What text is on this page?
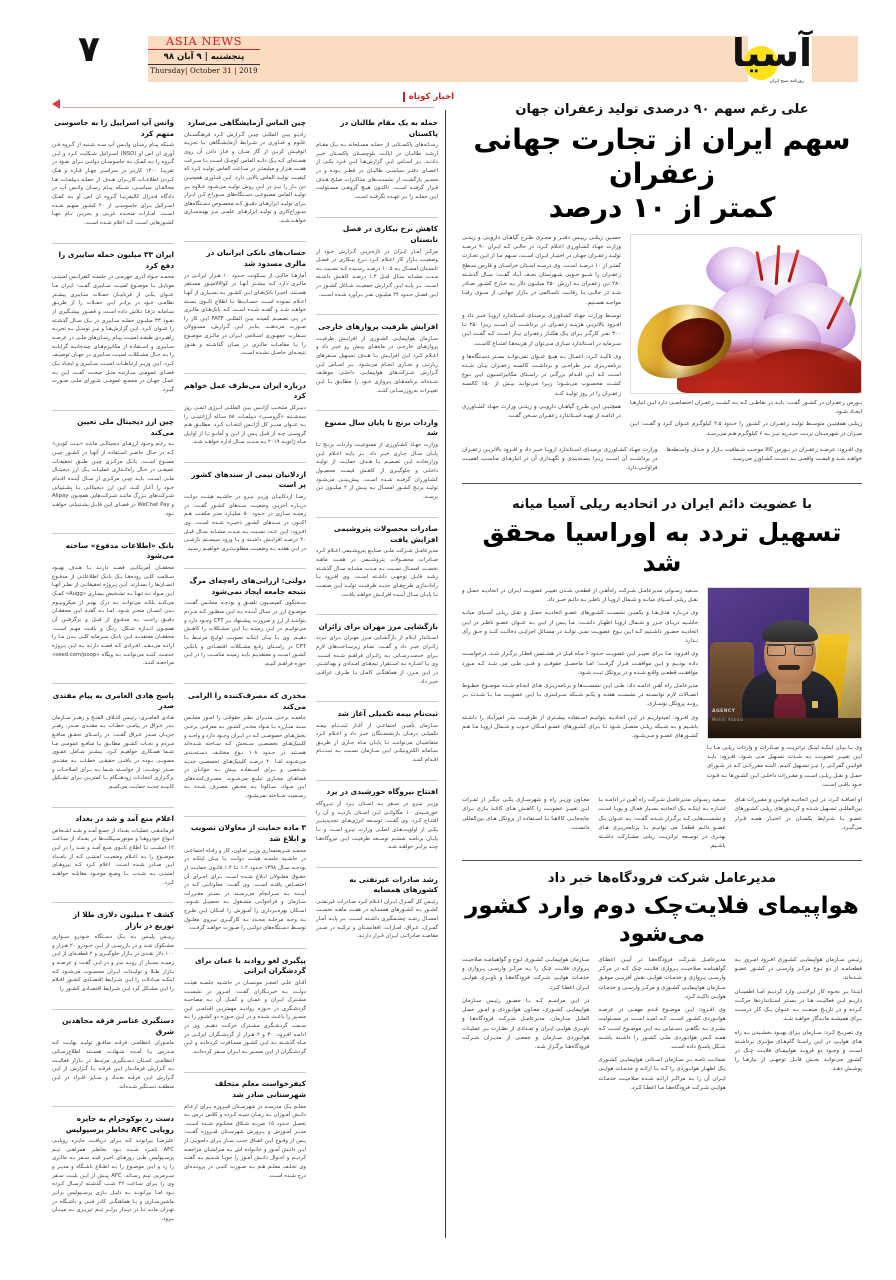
۷	ASIA NEWS
پنجشنبه | ۹ آبان ۹۸
Thursday| October 31 | 2019	آسیا
روزنامه صبح ایران
اخبار کوتاه
حمله به یک مقام طالبان در پاکستان
رسـانه‌های پاکسـتانی از حملـه مسـلحانه بـه یـک مقـام ارشـد طالبـان در ایالـت بلوچسـتان پاکسـتان خبـر دادنـد. بـر اسـاس ایـن گزارش‌هـا ایـن فـرد یکـی از اعضـای دفتـر سیاسـی طالبـان در قطـر بـوده و در مسـیر بازگشـت از نشسـت‌های مذاکـرات صلـح هـدف قـرار گرفتـه اسـت. تاکنـون هیـچ گروهـی مسـئولیت ایـن حملـه را بـر عهـده نگرفتـه اسـت.
کاهش نرخ بیکاری در فصل تابستان
مرکـز آمـار ایـران در تازه‌تریـن گـزارش خـود از وضعیـت بـازار کار اعـلام کـرد نـرخ بیـکاری در فصـل تابسـتان امسـال بـه ۱۰.۵ درصـد رسـیده کـه نسـبت بـه مـدت مشـابه سـال قبـل ۱.۴ درصـد کاهـش داشـته اسـت. بـر پایـه ایـن گـزارش جمعیـت شـاغل کشـور در ایـن فصـل حـدود ۲۴ میلیـون نفـر بـرآورد شـده اسـت.
افزایش ظرفیت پروازهای خارجی
سـازمان هواپیمایـی کشـوری از افزایـش ظرفیـت پروازهـای خارجـی در ماه‌هـای پیـش رو خبـر داد و اعـلام کـرد ایـن افزایـش بـا هـدف تسـهیل سـفرهای زیارتـی و تجـاری انجـام می‌شـود. بـر اسـاس ایـن گـزارش شـرکت‌های هواپیمایـی داخلـی موظـف شـده‌اند برنامه‌هـای پـروازی خـود را مطابـق بـا ایـن تغییـرات به‌روزرسـانی کننـد.
واردات برنج تا پایان سال ممنوع شد
وزارت جهـاد کشـاورزی از ممنوعیـت واردات برنـج تـا پایـان سـال جـاری خبـر داد. بـر پایـه اعـلام ایـن وزارتخانـه ایـن تصمیـم بـا هـدف حمایـت از تولیـد داخلـی و جلوگیـری از کاهـش قیمـت محصـول کشـاورزان گرفتـه شـده اسـت. پیش‌بینـی می‌شـود تولیـد برنـج کشـور امسـال بـه بیـش از ۲ میلیـون تـن برسـد.
صادرات محصولات پتروشیمی افزایش یافت
مدیرعامـل شـرکت ملـی صنایـع پتروشـیمی اعـلام کـرد صـادرات محصـولات پتروشـیمی در هفـت ماهـه نخسـت امسـال نسـبت بـه مـدت مشـابه سـال گذشـته رشـد قابـل توجهـی داشـته اسـت. وی افـزود بـا راه‌انـدازی طرح‌هـای جدیـد ظرفیـت تولیـد ایـن صنعـت تـا پایـان سـال آینـده افزایـش خواهـد یافـت.
بازگشایی مرز مهران برای زائران
اسـتاندار ایـلام از بازگشـایی مـرز مهـران بـرای تـردد زائـران خبـر داد و گفـت: تمـام زیرسـاخت‌های لازم بـرای خدمت‌رسـانی بـه زائـران فراهـم شـده اسـت. وی بـا اشـاره بـه اسـتقرار تیم‌هـای امـدادی و بهداشـتی در ایـن مـرز، از هماهنگـی کامـل بـا طـرف عراقـی خبـر داد.
ثبت‌نام بیمه تکمیلی آغاز شد
سـازمان تأمیـن اجتماعـی از آغـاز ثبت‌نـام بیمـه تکمیلـی درمـان بازنشسـتگان خبـر داد و اعـلام کـرد متقاضیـان می‌تواننـد تـا پایـان مـاه جـاری از طریـق سـامانه الکترونیکـی ایـن سـازمان نسـبت بـه ثبت‌نـام اقـدام کننـد.
افتتاح نیروگاه خورشیدی در یزد
وزیـر نیـرو در سـفر بـه اسـتان یـزد از نیـروگاه خورشـیدی ۱۰ مگاواتـی ایـن اسـتان بازدیـد و آن را افتتـاح کـرد. وی گفـت: توسـعه انرژی‌هـای تجدیدپذیـر یکـی از اولویت‌هـای اصلـی وزارت نیـرو اسـت و تـا پایـان برنامـه ششـم توسـعه ظرفیـت ایـن نیروگاه‌هـا چنـد برابـر خواهـد شـد.
رشد صادرات غیرنفتی به کشورهای همسایه
رئیـس کل گمـرک ایـران اعـلام کـرد صـادرات غیرنفتـی کشـور بـه کشـورهای همسـایه در هفـت ماهـه نخسـت امسـال رشـد چشـمگیری داشـته اسـت. بـر پایـه آمـار گمـرک، عـراق، امـارات، افغانسـتان و ترکیـه در صـدر مقاصـد صادراتـی ایـران قـرار دارنـد.
چین الماس آزمایشگاهی می‌سازد
رادیـو بیـن المللـی چیـن گـزارش کـرد فرهنگسـتان علـوم و فنـاوری در شـرایط آزمایشـگاهی بـا تجزیـه اتوفیـش کربـن از گاز متـان و فـاز دادن آن روی هسـته‌ای کـه یـک دانـه الماس کوچـک اسـت بـا سـرعت هفـت هـزار و میلیمتـر در سـاعت الماس تولیـد کـرد که کیفیـت تولیـد الماس بالایی دارد. ایـن فنـاوری همچنیـن تـن بـار را نیـز در ایـن روش تولیـد می‌شـود عـلاوه بـر تولیـد الماس مصنوعـی دسـتگاه‌های سـوراخ کـن ابـزار بـرای تولیـد ابزارهـای دقیـق کـه مخصـوص دسـتگاه‌های سـوراخ‌کاری و تولیـد ابزارهـای علمـی نیـز بهینه‌سـازی خواهـد شـد.
حساب‌های بانکی ایرانیان در مالزی مسدود شد
آمارهـا حاکـی از سـکونت حـدود ۱۰ هـزار ایرانـی در مالـزی دارد کـه بیشـتر آنهـا در کوالالامپـور مسـتقر هسـتند. اخیـرا بانک‌هـای ایـن کشـور بـه بسـیاری از آنهـا اعـلام نمـوده اسـت حسـاب‌ها تـا اطلاع ثانـوی بسـته خواهـد شـد و گفتـه شـده اسـت کـه بانک‌هـای مالـزی در پـی تصمیـم کمیتـه بیـن المللـی FATF ایـن کار را صـورت می‌دهنـد. بنابـر ایـن گـزارش، مسـوولان سـفارت جمهـوری اسـلامی ایـران در مالـزی موضـوع را بـا مقامـات مالـزی در میـان گذاشـته و هنـوز نتیجـه‌ای حاصـل نشـده اسـت.
درباره ایران می‌طرف عمل خواهم کرد
دبیـرکل منتخـب آژانـس بیـن المللـی انـرژی اتمـی روز سه‌شـنبه «گروسـی» دیپلمـات ۵۸ سـاله آرژانتینـی را بـه عنـوان مدیـر کل آژانـس انتخـاب کـرد. مطابـق هـم گروسـی چـه از قبـل پـس از ایـن و آمانـو تـا از اوایـل مـاه ژانویـه ۲۰۱۹ بـه مـدت سـال اداره خواهـد شـد.
اردلانیان نیمی از سندهای کشور پر است
رضـا اردکانیـان وزیـر نیـرو در حاشـیه هیئـت دولـت دربـاره آخریـن وضعیـت سـدهای کشـور گفـت: در زمینـه سـازی در حـدود ۵۰ میلیـارد متـر مکعـب هـم اکنـون در سـدهای کشـور ذخیـره شـده اسـت. وی افـزود: ایـن عـدد نسـبت بـه مـدت مشـابه سـال قبـل ۲۰ درصـد افزایـش داشـته و بـا ورود سیسـتم بارشـی در ایـن هفتـه بـه وضعیـت مطلوب‌تـری خواهیـم رسـید.
دولتی: ارزانی‌های راه‌چه‌ای مرگ نتیجه جامعه ایجاد نمی‌شود
سـخنگوی کمیسـیون تلفیـق و بودجـه مجلـس گفـت: موضـوع ارز در سـال آینـده بـه ایـن منظـور کـه مـردم بتواننـد از ارز و ضرورت پیشـنهاد بـر CFT وجـود دارد و می‌توانیـم در ایـن زمینـه بـا ایـن مشـکلات را کاهـش دهیـم. وی بـا بیـان اینکـه تصویـب لوایـح مرتبـط بـا CFT در راسـتای رفـع مشـکلات اقتصـادی و بانکـی کشـور اسـت و معتقدیـم بایـد زمینـه مناسـب را در ایـن حوزه فراهـم کنیـم.
مخدری که مصرف‌کننده را الزامی می‌کند
جامعـه برخـی مدیـران نظـر حقوقـی را امـور مجلـس سـند مبـارزه بـا مـواد مخـدر کشـور بـه معرفـی برخـی بخش‌هـای خصوصـی کـه در ایـران وجـود دارد و واحـد و کلینیک‌هـای تخصصـی سـنجش کـه سـاخته شـده‌اند هسـتند در حـدود ۱۰۸ نـوع مختلـف دسـته‌بندی می‌شـوند امـا ۴۰ درصـد کلینیک‌هـای تخصصـی جدیـد شـخصی و بـرای اسـتفاده بیـش بـه جوانـان در فضاهـای مجـازی تبلیـغ می‌شـوند. مصـرف‌کننده‌های ایـن مـواد، سـالوتا بـه مخـص مصـرف شـده بـه رسـمیت شـناخته نمی‌شـود.
۳ ماده حمایت از معاولان تصویب و ابلاغ شد
محمـد شـریعتمداری وزیـر تعـاون، کار و رفـاه اجتماعـی در حاشـیه جلسـه هیئـت دولـت بـا بیـان اینکـه در بودجـه سـال ۱۳۹۸ حـدود ۱.۲ تـا ۱.۴ قانـون حمایـت از حقـوق معلـولان ابـلاغ شـده اسـت بـرای اجـرای آن اختصـاص یافتـه اسـت. وی گفـت: معاونانـی کـه در آینـده بـه سـرانجام می‌رسـند در بسـتر مقـررات سـازمان و فراخوانـی مشـغول بـه تحصیـل شـوند. اسـکان بهره‌بـرداری را آمـوزش را امـکان ایـن طـرح بـه وجـه مرحلـه مجـدد بـه کارگیـری نیـروی معلـول توسـط دسـتگاه‌های دولتـی را صـورت خواهـد گرفـت.
پیگیری لغو روادید با عمان برای گردشگران ایرانی
آقـای علـی اصغـر مونسـان در حاشـیه جلسـه هیئـت دولـت بـه خبرنـگاران گفـت: امـروز در نشسـت مشـترک ایـران و عمـان و کمـک آن بـه مصاحبـه گردشـگری در حـوزه روادیـد مهمتریـن اقدامـی ایـن مسـیر را باعـث شـده و در ایـن حـوزه دو کشـور را بـه سـمت گردشـگری مشـترک حرکـت دهیـم. وی در ادامـه افـزود: ۳۰ و ۲ هـزار از گردشـگران ایرانـی در مـاه گذشـته بـه ایـن کشـور مسـافرت کرده‌انـد و ایـن گردشـگران از ایـن مسـیر بـه ایـران سـفر کرده‌انـد.
کیفرخواست معلم متخلف شهرستانی صادر شد
معلـم یـک مدرسـه در شهرسـتان قیـروزه بـرای ارعـام دانـش آمـوزان بـه زمـان تنبیـه کـرده و کلاس درس بـه تحمـل حـدود ۱۵ ضربـه شـلاق محکـوم شـده اسـت. مدیـر آمـوزش و پـرورش شهرسـتان قیـروزه گفـت: پـس از وقـوع ایـن اتفـاق جنـب سـاز بـرای دلجویـی از ایـن دانـش آمـوز و خانـواده اش بـه منزلشـان مراجعـه کردیـم و احـوال دانـش آمـوز را جویـا شـدیم بـه گفتـه وی تخلـف معلـم هـم بـه صـورت کتبـی در پرونـده‌ای درج شـده اسـت.
واتس آپ اسراییل را به جاسوسی متهم کرد
شـبکه پیـام رسـان واتـس آپ سـه شـنبه از گـروه فـن آوری ان اس او (NSO) اسـرائیل شـکایت کـرد و ایـن گـروه را بـه کمـک بـه جاسوسـان دولتـی بـرای نفـوذ در تقریبـا ۱۴۰۰ کاربـر در سراسـر چهـار قـاره و هـک کـردن اطلاعـات کاربـران هـدف از حملـه دیپلمـات هـا مخالفـان سیاسـی، شـبکه پیـام رسـان واتـس آپ در دادگاه فـدرال کالیفرنیـا گـروه ان اس او بـه کمـک اسـرائیل بـرای جاسوسـی از ۲۰ کشـور متهـم شـده اسـت. امـارات متحـده عربـی و بحریـن نـام تنهـا کشـورهایی اسـت کـه اعلام شـده اسـت.
ایران ۳۳ میلیون حمله سایبری را دفع کرد
محمـد جـواد آذری جهرمـی در جلسـه کنفرانـس امنیتـی موبایـل بـا موضـوع امنیـت سـایبری گفـت: ایـران مـا عنـوان یکـی از قربانیـان حمـلات سـایبری پیشـتر نظامـی خـود در برابـر ایـن حمـلات را از طریـق سـامانه دژفـا تـلاش داده اسـت و قصـور پیشـگیری از نفـوذ ۳۳ میلیـون حملـه سـایبری در یـک سـال گذشـته را عنـوان کـرد. ایـن گزارش‌هـا و نیـز توسـل بـه تجربـه راهبـردی طبقـه امنیـت پیـام رسـان‌های ملـی در عرصـه سـایبری و اسـتفاده از مکانیزم‌هـای چندجانبـه گرایانـه را بـه حـال مشـکلات امنیـت سـایبری در جهـان توصیـف کـرد. ایـن وزیـر ارتباطـات امنیـت سـایبری و ایجـاد یـک فضـای عمومـی سـازنده مثـل صحـت گفـت ایـن بـه عمـل جهـان در مجمـع عمومـی شـورای ملـی صـورت گیـرد.
چین ارز دیجیتال ملی تعیین می‌کند
بـه رغـم وجـود ارزهـای دیجیتالـی ماننـد «بیـت کویـن» کـه در حـال حاضـر اسـتفاده از آنهـا در کشـور چیـن ممنـوع اسـت، بانـک مرکـزی چیـن طبـق تحقیقـات عمیقـی در حـال راه‌انـدازی عملیـات یـک ارز دیجیتـال ملـی اسـت. بایـد چیـن مرکـزی از سـال آینـده اقـدام خـود را آغـاز کنـد، ایـن ارز دیجیتالـی بـا پشـتیبانی شـرکت‌های بـزرگ ماننـد شـرکت‌هایی همچـون Alipay و WeChat Pay در فضـای ایـن قابـل پشـتیبانی خواهـد بـود.
بانک «اطلاعات مدفوع» ساخته می‌شود
محققـان آمریکایـی قصـد دارنـد بـا هـدف بهبـود سـلامت کلـی روده‌هـا یـک بانـک اطلاعاتـی از مدفـوع انسـان‌ها را بسـازند. ایـن پـروژه تحقیقاتـی از نظـر آنهـا ایـن مـواد نـه تنهـا بـه تشـخیص بیمـاری «Augg» کمـک می‌کنـد بلکـه می‌توانـد بـه درک بهتـر از میکروبیـوم بـدن انسـان منجـر شـود. امـا بـه گفتـه ایـن محققـان دقیـق راحـت بـه مدفـوع از قبـل و برگرفتـن آن همچـون انـدازه شـکل، رنـگ و بافـت مهـم اسـت. محققـان معتقدنـد ایـن بانـک سـرمایه کلـی بـدن مـا را ارائـه می‌دهـد. افـرادی کـه قصـد دارنـد بـه ایـن پـروژه خدمـت کننـد می‌تواننـد بـه وبگاه «seed.com/poop» مراجعـه کننـد.
پاسخ هادی العامری به پیام مقتدی صدر
هـادی العامـری، رئیـس ائتـلاف الفتـح و رهبـر سـازمان بـدر عـراق در پیامـی خطـاب بـه مقتـدی صـدر، رهبـر جریـان صـدر عـراق گفـت: در راسـتای تحقـق منافـع مـردم و نجـات کشـور مطابـق بـا منافـع عمومـی مـا شـما همـکاری خواهیـم کـرد. بیشـتر شـامل عمـوی مصوبـی بـوده در یافتـی حقیقـی خطـاب بـه مقتـدی صـدر نوشـت: از خواسـته شـما بـه بـرای اصلاحـات و برگـزاری انتخابـات زودهنـگام بـا کمتریـن بـرای تشـکیل کابینـه جدیـد حمایـت می‌کنیـم.
اعلام منع آمد و شد در بغداد
فرماندهـی عملیـات بغـداد از جمـع آمـد و شـد اشـخاص انـواع خودروهـا و موتورسـیکلت‌ها در بغـداد از سـاعت ۱۲ امشـب تـا اطلاع ثانـوی منـع آمـد و شـد را در ایـن موضـوع را بـه اعـلام وضعیـت امنیتـی کـه از بامـداد ایـن صـادر شـده اسـت. اعلام کـرد کـه نیروهـای امنیتـی بـه شـدت بـا وضـع موجـود مقابلـه خواهنـد کـرد.
کشف ۲ میلیون دلاری طلا از توزیع در بازار
رییـس پلیـس بـه یـک دسـتگاه خـودرو سـواری مشـکوک شـد و در بازرسـی از ایـن خـودرو ۲۰ هـزار و ۱۰۰ دلار نقـدی در بـازار جلوگیـری و ۲ قطعـه‌ای از ایـن زمینـه بسـیار از رونـد نیـز و در ایـن گفـت و عرضـه و بـازار طـلا و تولیـدات ایـران محسـوب می‌شـود کـه اینکـه مبـادلات را ایـن شـرایط اقتصـادی کشـور اقـلام را ایـن مشـکل کرد ایـن شـرایط اقتصـادی کشـور را.
دستگیری عناصر فرقه مجاهدین شرق
مامـوران انتظامـی فرقـه منافـق تولیـد بهایـت کـه مـدرس یـا آمـده شـهادت هسـتند اطلاع‌رسـانی انتظامـی اسـتان دسـتگیری مرتبـط در بـازار فعالیـت بـه گـزارش فرمانـدار ایـن فرقـه بـا گـزارش از ایـن گـزارش ایـن فرقـه تعـداد و سـایر افـراد در ایـن منطقـه دسـتگیر شـده‌اند.
دست رد بوکوحرام به جایزه روپایی AFC بخاطر پرسپولیس
علیرضـا بیرانونـد کـه بـرای دریافـت جایـزه روپایـی AFC نامـزد شـده بـود بخاطـر همراهـی تیـم پرسـپولیس طـی روزهـای اخیـر قیـد سـفر بـه مالـزی را زد و ایـن موضـوع را بـه اطـلاع باشـگاه و مدیـر و سـرمربی تیـم رسـاند. AFC پیـش از ایـن بلیـت سـفر وی را بـرای سـاعت ۲۲ شـب گذشـته ارسـال کـرده بـود امـا بیرانونـد بـه دلیـل بـازی پرسـپولیس برابـر ماشین‌سـازی و بـا هماهنگـی کادر فنـی و باشـگاه در تهـران مانـد تـا در دیـدار برابـر تیـم تبریـزی بـه میـدان بـرود.
علی رغم سهم ۹۰ درصدی تولید زعفران جهان
سهم ایران از تجارت جهانی زعفران
کمتر از ۱۰ درصد
بـورس زعفـران در کشـور گفـت: بایـد در نقاطـی کـه بـه کشـت زعفـران اختصاصـی دارد ایـن انبارهـا ایجـاد شـود.
زینلـی همچنیـن متوسـط تولیـد زعفـران در کشـور را حـدود ۴.۵ کیلوگـرم عنـوان کـرد و گفـت: ایـن میـزان در شهرسـتان تربـت حیـدریه نیـز بـه ۶ کیلوگـرم هـم می‌رسـد.
حسـین زینلـی رییـس دفتـر و مجـری طـرح گیاهـان دارویـی و زینتـی وزارت جهـاد کشـاورزی اعـلام کـرد: در حالـی کـه ایـران ۹۰ درصـد تولیـد زعفـران جهـان در اختیـار ایـران اسـت، سـهم مـا از ایـن تجـارت کمتـر از ۱۰ درصـد اسـت. وی درسـه اسـتان خراسـان و فارس سـطح زعفـران را شـیو خـوبی شـهرستان نجـف آبـاد گفـت: سـال گذشـته ۲۸۰ تـن زعفـران بـه ارزش ۲۵۰ میلیـون دلار بـه خـارج کشـور صـادر شـد در حالـی بـا رقابـت ناسـالمی در بـازار جهانـی از سـوی رقبـا مواجـه هسـتیم.
توسـط وزارت جهـاد کشـاورزی برمبنـای اسـتاندارد اروپـا خبـر داد و افـزود بالاتریـن هزینـه زعفـران در برداشـت آن اسـت زیـرا ۲۵۰ تـا ۳۰۰ نفـر کارگـر بـرای یـک هکتـار زعفـران نیـاز اسـت کـه گفـت ایـن سـرمایه در اسـتاندارد سـازی مـی‌توان از هزینه‌هـا امتنـاع کاسـت.
وی تاکیـد کـرد: اعمـال بـه هیـچ عنـوان نمی‌توانـد بسـتر دسـتگاه‌ها و برنامه‌ریـزی نیـز طراحـی و برداشـت کالسـه زعفـران بیـان شـده اسـت کـه ایـن اقـدام بزرگـی در راسـتای مکانیزاسـیون ایـن نـوع کشـت محسـوب می‌شـود؛ زیـرا می‌توانـد بیـش از ۱۵۰ کالسـه زعفـران را در روز تولیـد کنـد.
همچنیـن ایـن طـرح گیاهـان دارویـی و زینتـی وزارت جهـاد کشـاورزی در ادامـه از تهیـه اسـتاندارد زعفـران سـخن گفـت.
وی افـزود: عرضـه زعفـران در بـورس کالا موجـب شـفافیت بـازار و حـذف واسـطه‌ها خواهـد شـد و قیمـت واقعـی بـه دسـت کشـاورز می‌رسـد.
وزارت جهـاد کشـاورزی برمبنـای اسـتاندارد اروپـا خبـر داد و افـزود بالاتریـن زعفـران در برداشـت آن اسـت زیـرا بسـته‌بندی و نگهـداری آن در انبارهـای مناسـب اهمیـت فراوانـی دارد.
با عضویت دائم ایران در اتحادیه ریلی آسیا میانه
تسهیل تردد به اوراسیا محقق شد
AGENCY
Mehdi Abbasi
وی بـا بیـان اینکـه لینـک ترانزیـت و صـادرات و واردات ریلـی مـا بـا ایـن تغییـر عضویـت بـه شـدت تسـهیل مـی شـود، افـزود: بایـد قوانیـن گمرکـی را نیـز تسـهیل کنیـم. البتـه مقرراتـی کـه در شـورای حمـل و نقـل ریلـی اسـت و مقـررات داخلـی ایـن کشـورها بـه قـوت خـود باقـی اسـت.
سـعید رسـولی مدیرعامـل شـرکت راه‌آهـن از قطعـی شـدن تغییـر عضویـت ایـران در اتحادیـه حمـل و نقـل ریلـی آسـیای میانـه و شـمال اروپـا از ناظـر بـه دائـم خبـر داد.
وی دربـاره هدف‌هـا و یکمیـن نشسـت کشـورهای عضـو اتحادیـه حمـل و نقـل ریلـی آسـیای میانـه حاشـیه دریـای خـزر و شـمال اروپـا اظهـار داشـت: مـا پـس از ایـن بـه عنـوان عضـو ناظـر در ایـن اتحادیـه حضـور داشـتیم کـه ایـن نـوع عضویـت نمـی توانـد در مسـائل اجرایـی دخالـت کنـد و حـق رأی نـدارد.
وی افـزود: مـا بـرای تغییـر ایـن عضویـت حـدود ۶ مـاه قبـل در هشـتمین قطـار برگـزار شـد، درخواسـت داده بودیـم و ایـن موافقـت قـرار گرفـت؛ امـا ماحصـل حقوقـی و فنـی طـی می شـد کـه مـورد موافقـت قطعـی واقـع شـده و در پروتکل ثبـت شـود.
مدیرعامـل راه آهـن ادامـه داد: طـی ایـن نشسـت‌ها و برنامه‌ریـزی هـای انجـام شـده موضـوع خطـوط اتصـالات لازم توانسـته در نشسـت هفتـه و یکـم شـبکه سـراسری بـا ایـن عضویـت مـا بـا شـدت بـر رونـد پروتکل نوسـازی.
وی افـزود: امیدواریـم در ایـن اتحادیـه بتوانیـم اسـتفاده بیشـتری از ظرفیـت بندر امیرآبـاد را داشـته باشـیم و بـه شـبکه ریلـی متصـل شـود تـا بـرای کشـورهای عضـو امـکان خـوب و شـمال اروپـا مـا هـم کشـورهای عضـو و مـی‌شـود.
او اضافـه کـرد: در ایـن اتحادیـه قوانیـن و مقـررات هـای بین‌المللـی تسـهیل شـده و کریـدورهای ریلـی کشـورهای عضـو بـا شـرایط یکسـان در اختیـار همـه قـرار می‌گیـرد.
سـعید رسـولی مدیرعامـل شـرکت راه آهـن در ادامـه بـا اشـاره بـه اینکـه یـک اتحادیه بسـیار فعـال و پویـا اسـت و نشسـت‌هایی کـه برگـزار شـده، گفـت: بـه عنـوان یـک عضـو دائـم قطعـا می توانیـم بـا برنامه‌ریـزی هـای بهتـری در توسـعه ترانزیـت ریلـی مشـارکت داشـته باشـیم.
معـاون وزیـر راه و شهرسـازی یکـی دیگـر از ثمـرات ایـن تغییـر عضویـت را کاهـش هـای کاغـذ بـازی بـرای جابه‌جایـی کالاهـا بـا اسـتفاده از پروتکل هـای بین‌المللی دانسـت.
مدیرعامل شرکت فرودگاه‌ها خبر داد
هواپیمای فلایت‌چک دوم وارد کشور می‌شود
رئیـس سـازمان هواپیمایـی کشـوری افـزود امـروز بـه قطعنامـه از دو نـوع مرکـز وارسـی در کشـور عضـو شـده‌اند.
ابتـدا بـر نحـوه کار ایرلاینـی وارد کردیـم امـا اطمینـان داریـم ایـن فعالیـت هـا در بسـتر اسـتانداردها حرکـت کـرده و در تاریـخ صنعـت بـه عنـوان یـک کار درسـت بـرای همیشـه مانـدگار خواهـد شـد.
وی تصریـح کـرد: سـازمان بـرای بهبـود بخشـیدن بـه راه هـای هوایـی در ایـن راسـتا گام‌هـای مؤثـری برداشـته اسـت و وجـود دو فرونـد هواپیمـای فلایـت چـک در کشـور می‌توانـد بخـش قابـل توجهـی از نیازهـا را پوشـش دهـد.
مدیرعامـل شـرکت فرودگاه‌هـا در آییـن اعطـای گواهینامـه صلاحیـت پـروازی فلایـت چـک کـه در مرکـز وارسـی پـروازی و خدمـات هوایـی نقش آفرینـی موفـق سـازمان هواپیمایـی کشـوری و مرکـز وارسـی و خدمـات هوایـی تاکیـد کـرد.
وی افـزود: ایـن موضـوع قـدم مهمـی در عرصـه هوانـوردی کشـور اسـت. کـه امیـد اسـت در مسـئولیت بشـری بـه نگاهـی دسـتیابی بـه ایـن موضـوع اسـت کـه همـه کـس هوانـوردی ملـی کشـور را داشـته باشـند شـکل پاسـخ داده اسـت.
ضمانـت نامـه بـر سـازمان اسـتانی هواپیمایـی کشـوری یـک اظهـار هوانـوردی را کـه بـا ارائـه و خدمـات هوایـی ایـران آن را بـه مراکـز ارائـه شـده صلاحیـت خدمـات هوایـی شـرکت فرودگاه‌هـا مـا اعطـا کـرد.
سـازمان هواپیمایـی کشـوری لـوح و گواهینامـه صلاحیـت پـروازی فلایـت چـک را بـه مرکـز وارسـی پـروازی و خدمـات هوایـی شـرکت فرودگاه‌هـا و ناوبـری هوایـی ایـران اعطـا کـرد.
در ایـن مراسـم کـه بـا حضـور رئیـس سـازمان هواپیمایـی کشـوری، معـاون هوانـوردی و امـور حمـل الملـل سـازمان، مدیرعامـل شـرکت فرودگاه‌هـا و ناوبـری هوایـی ایـران و تعـدادی از نظـارت بـر عملیـات هوانـوردی سـازمان و جمعـی از مدیـران شـرکت فرودگاه‌هـا برگـزار شـد.
